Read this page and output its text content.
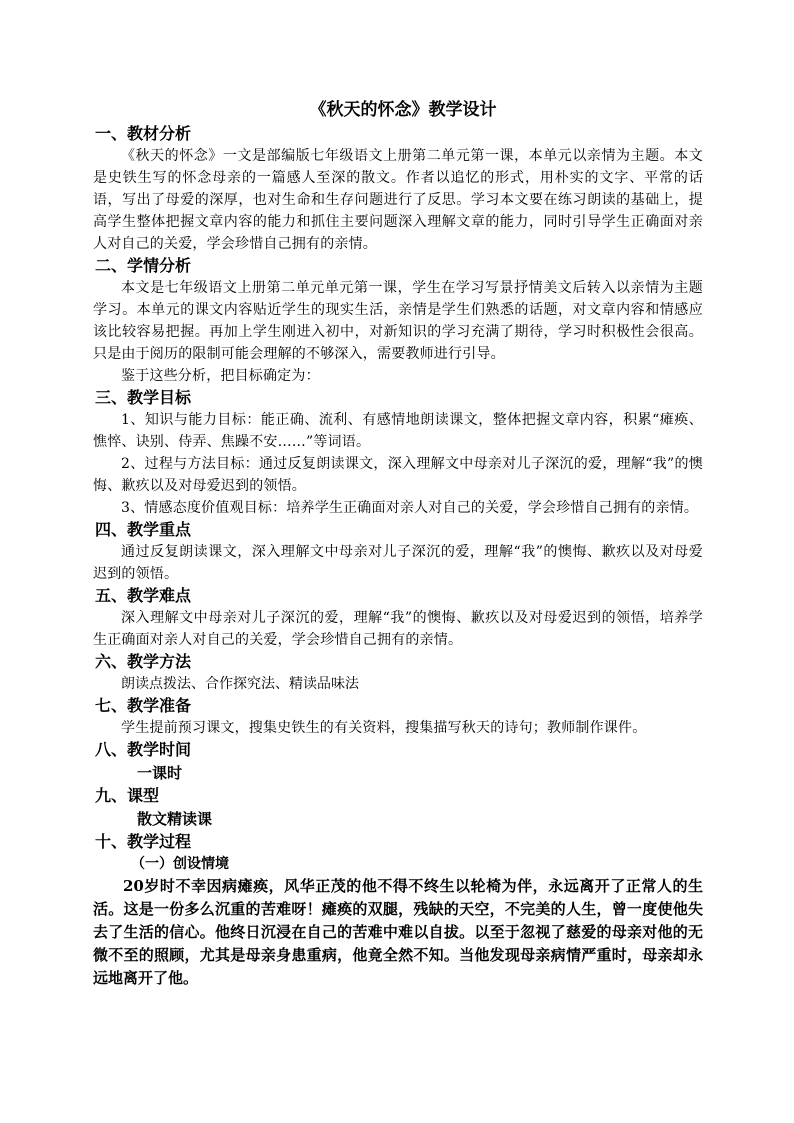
《秋天的怀念》教学设计

一、教材分析

《秋天的怀念》一文是部编版七年级语文上册第二单元第一课，本单元以亲情为主题。本文是史铁生写的怀念母亲的一篇感人至深的散文。作者以追忆的形式，用朴实的文字、平常的话语，写出了母爱的深厚，也对生命和生存问题进行了反思。学习本文要在练习朗读的基础上，提高学生整体把握文章内容的能力和抓住主要问题深入理解文章的能力，同时引导学生正确面对亲人对自己的关爱，学会珍惜自己拥有的亲情。

二、学情分析

本文是七年级语文上册第二单元单元第一课，学生在学习写景抒情美文后转入以亲情为主题学习。本单元的课文内容贴近学生的现实生活，亲情是学生们熟悉的话题，对文章内容和情感应该比较容易把握。再加上学生刚进入初中，对新知识的学习充满了期待，学习时积极性会很高。只是由于阅历的限制可能会理解的不够深入，需要教师进行引导。

鉴于这些分析，把目标确定为：

三、教学目标

1、知识与能力目标：能正确、流利、有感情地朗读课文，整体把握文章内容，积累“瘫痪、憔悴、诀别、侍弄、焦躁不安……”等词语。

2、过程与方法目标：通过反复朗读课文，深入理解文中母亲对儿子深沉的爱，理解“我”的懊悔、歉疚以及对母爱迟到的领悟。

3、情感态度价值观目标：培养学生正确面对亲人对自己的关爱，学会珍惜自己拥有的亲情。

四、教学重点

通过反复朗读课文，深入理解文中母亲对儿子深沉的爱，理解“我”的懊悔、歉疚以及对母爱迟到的领悟。

五、教学难点

深入理解文中母亲对儿子深沉的爱，理解“我”的懊悔、歉疚以及对母爱迟到的领悟，培养学生正确面对亲人对自己的关爱，学会珍惜自己拥有的亲情。

六、教学方法

朗读点拨法、合作探究法、精读品味法

七、教学准备

学生提前预习课文，搜集史铁生的有关资料，搜集描写秋天的诗句；教师制作课件。

八、教学时间

一课时

九、课型

散文精读课

十、教学过程

（一）创设情境

20岁时不幸因病瘫痪，风华正茂的他不得不终生以轮椅为伴，永远离开了正常人的生活。这是一份多么沉重的苦难呀！瘫痪的双腿，残缺的天空，不完美的人生，曾一度使他失去了生活的信心。他终日沉浸在自己的苦难中难以自拔。以至于忽视了慈爱的母亲对他的无微不至的照顾，尤其是母亲身患重病，他竟全然不知。当他发现母亲病情严重时，母亲却永远地离开了他。
